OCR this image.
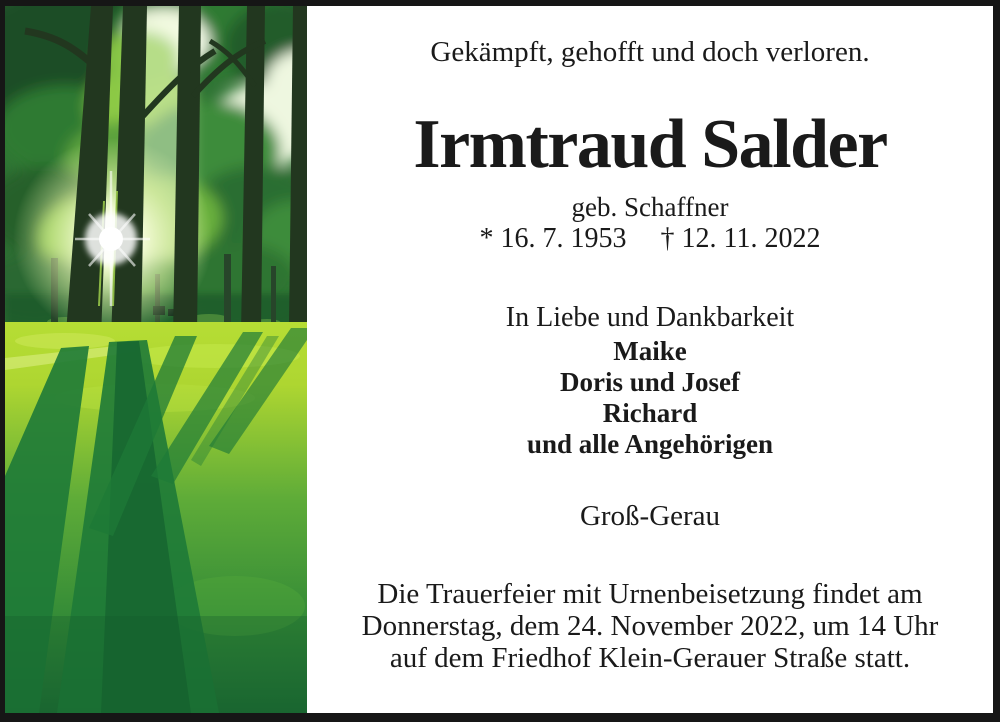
Gekämpft, gehofft und doch verloren.
Irmtraud Salder
geb. Schaffner
* 16. 7. 1953 † 12. 11. 2022
In Liebe und Dankbarkeit
Maike
Doris und Josef
Richard
und alle Angehörigen
Groß-Gerau
Die Trauerfeier mit Urnenbeisetzung findet am
Donnerstag, dem 24. November 2022, um 14 Uhr
auf dem Friedhof Klein-Gerauer Straße statt.
